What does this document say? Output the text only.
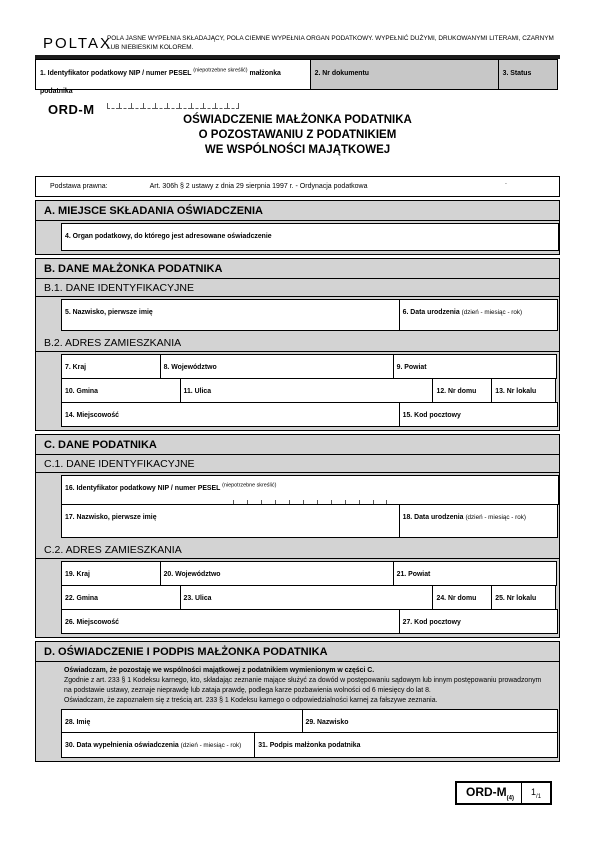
POLTAX
POLA JASNE WYPEŁNIA SKŁADAJĄCY, POLA CIEMNE WYPEŁNIA ORGAN PODATKOWY. WYPEŁNIĆ DUŻYMI, DRUKOWANYMI LITERAMI, CZARNYM LUB NIEBIESKIM KOLOREM.
1. Identyfikator podatkowy NIP / numer PESEL $^{(niepotrzebne skreślić)}$ małżonka podatnika
2. Nr dokumentu	3. Status
ORD-M
OŚWIADCZENIE MAŁŻONKA PODATNIKA
O POZOSTAWANIU Z PODATNIKIEM
WE WSPÓLNOŚCI MAJĄTKOWEJ
Podstawa prawna:	Art. 306h § 2 ustawy z dnia 29 sierpnia 1997 r. - Ordynacja podatkowa
.
A. MIEJSCE SKŁADANIA OŚWIADCZENIA
4. Organ podatkowy, do którego jest adresowane oświadczenie
B. DANE MAŁŻONKA PODATNIKA
B.1. DANE IDENTYFIKACYJNE
5. Nazwisko, pierwsze imię	6. Data urodzenia (dzień - miesiąc - rok)
B.2. ADRES ZAMIESZKANIA
7. Kraj	8. Województwo	9. Powiat
10. Gmina	11. Ulica	12. Nr domu	13. Nr lokalu
14. Miejscowość	15. Kod pocztowy
C. DANE PODATNIKA
C.1. DANE IDENTYFIKACYJNE
16. Identyfikator podatkowy NIP / numer PESEL $^{(niepotrzebne skreślić)}$
17. Nazwisko, pierwsze imię	18. Data urodzenia (dzień - miesiąc - rok)
C.2. ADRES ZAMIESZKANIA
19. Kraj	20. Województwo	21. Powiat
22. Gmina	23. Ulica	24. Nr domu	25. Nr lokalu
26. Miejscowość	27. Kod pocztowy
D. OŚWIADCZENIE I PODPIS MAŁŻONKA PODATNIKA
Oświadczam, że pozostaję we wspólności majątkowej z podatnikiem wymienionym w części C.
Zgodnie z art. 233 § 1 Kodeksu karnego, kto, składając zeznanie mające służyć za dowód w postępowaniu sądowym lub innym postępowaniu prowadzonym na podstawie ustawy, zeznaje nieprawdę lub zataja prawdę, podlega karze pozbawienia wolności od 6 miesięcy do lat 8.
Oświadczam, że zapoznałem się z treścią art. 233 § 1 Kodeksu karnego o odpowiedzialności karnej za fałszywe zeznania.
28. Imię	29. Nazwisko
30. Data wypełnienia oświadczenia (dzień - miesiąc - rok)	31. Podpis małżonka podatnika
ORD-$M_{(4)}$
$1_{/1}$
